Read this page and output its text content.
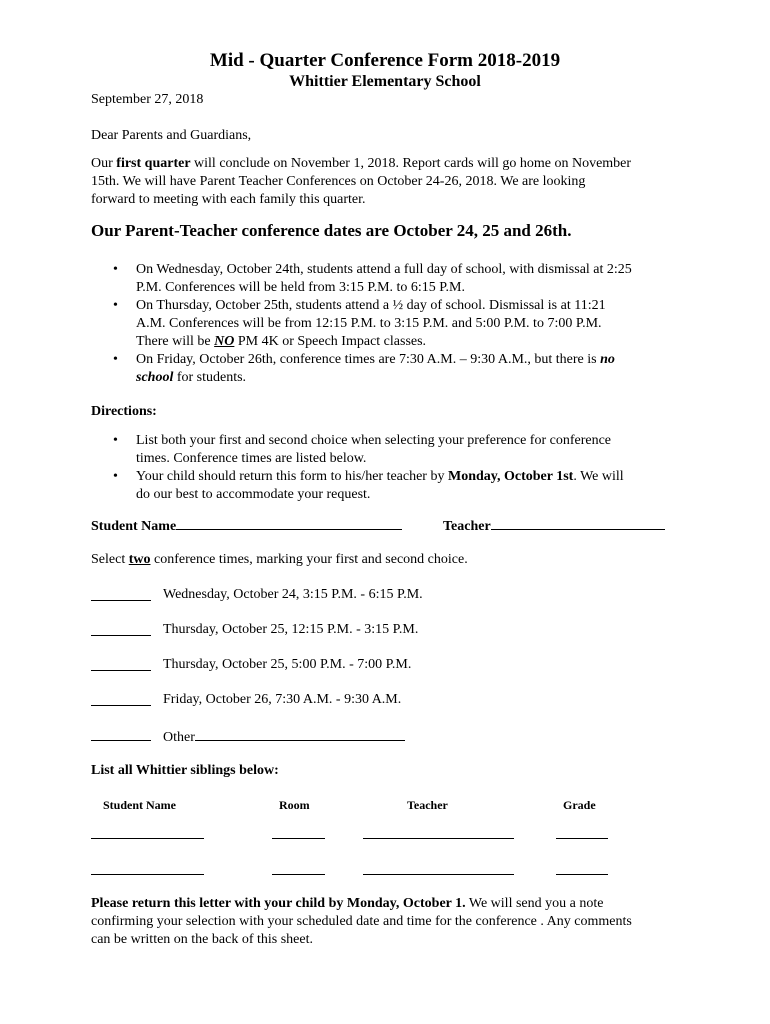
Mid - Quarter Conference Form 2018-2019
Whittier Elementary School
September 27, 2018
Dear Parents and Guardians,
Our first quarter will conclude on November 1, 2018. Report cards will go home on November
15th. We will have Parent Teacher Conferences on October 24-26, 2018. We are looking
forward to meeting with each family this quarter.
Our Parent-Teacher conference dates are October 24, 25 and 26th.
• On Wednesday, October 24th, students attend a full day of school, with dismissal at 2:25
P.M. Conferences will be held from 3:15 P.M. to 6:15 P.M.
• On Thursday, October 25th, students attend a ½ day of school. Dismissal is at 11:21
A.M. Conferences will be from 12:15 P.M. to 3:15 P.M. and 5:00 P.M. to 7:00 P.M.
There will be NO PM 4K or Speech Impact classes.
• On Friday, October 26th, conference times are 7:30 A.M. – 9:30 A.M., but there is no
school for students.
Directions:
• List both your first and second choice when selecting your preference for conference
times. Conference times are listed below.
• Your child should return this form to his/her teacher by Monday, October 1st. We will
do our best to accommodate your request.
Student Name	Teacher
Select two conference times, marking your first and second choice.
Wednesday, October 24, 3:15 P.M. - 6:15 P.M.
Thursday, October 25, 12:15 P.M. - 3:15 P.M.
Thursday, October 25, 5:00 P.M. - 7:00 P.M.
Friday, October 26, 7:30 A.M. - 9:30 A.M.
Other
List all Whittier siblings below:
Student Name	Room	Teacher	Grade
Please return this letter with your child by Monday, October 1. We will send you a note
confirming your selection with your scheduled date and time for the conference . Any comments
can be written on the back of this sheet.
